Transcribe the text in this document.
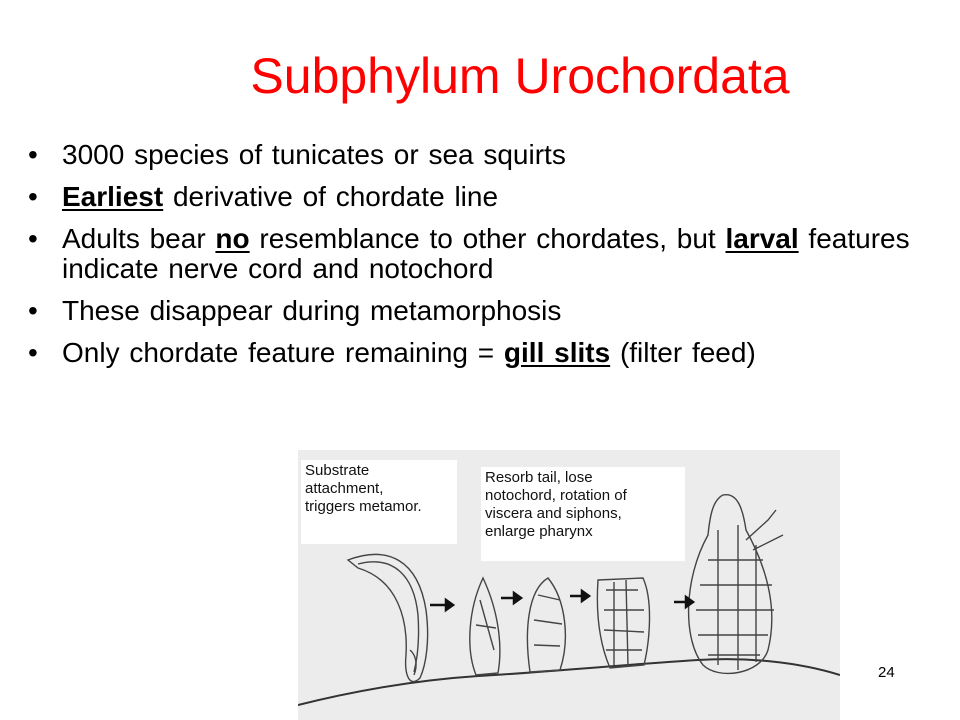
Subphylum Urochordata
• 3000 species of tunicates or sea squirts
• Earliest derivative of chordate line
• Adults bear no resemblance to other chordates, but larval features indicate nerve cord and notochord
• These disappear during metamorphosis
• Only chordate feature remaining = gill slits (filter feed)
Substrate
attachment,
triggers metamor.
Resorb tail, lose
notochord, rotation of
viscera and siphons,
enlarge pharynx
24
